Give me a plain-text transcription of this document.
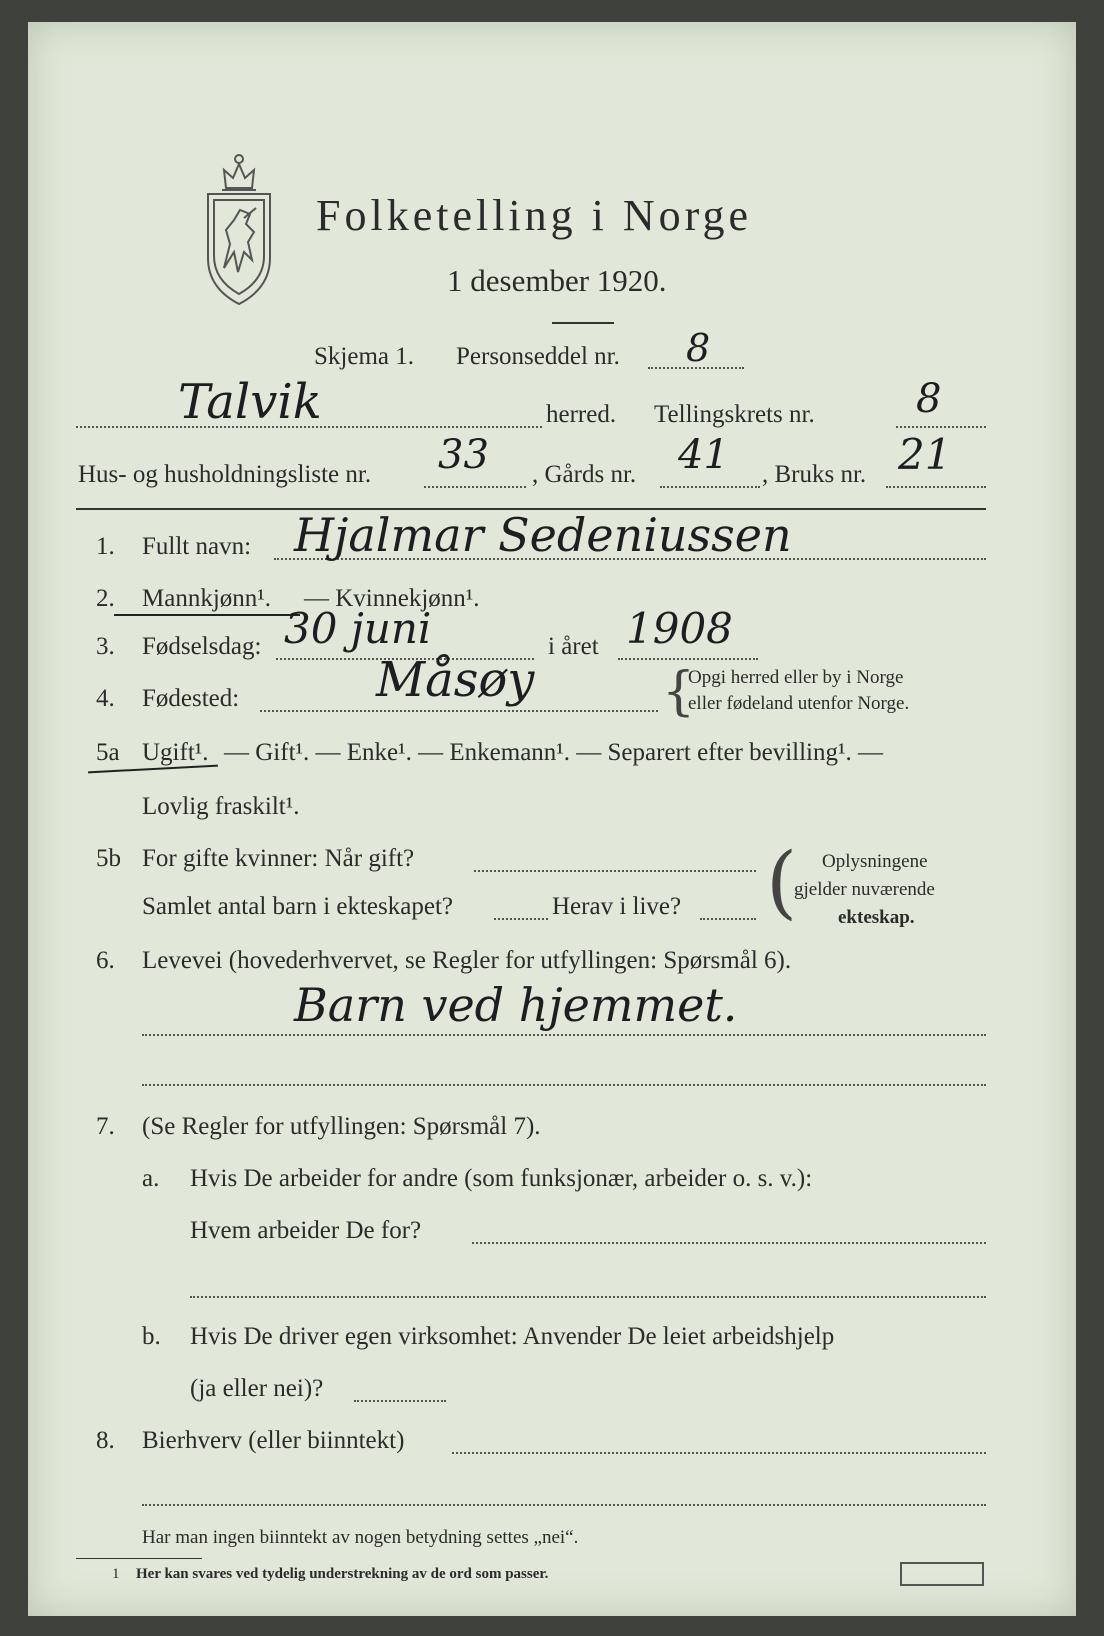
Folketelling i Norge
1 desember 1920.
Skjema 1. Personseddel nr. 8
Talvik	herred. Tellingskrets nr.	8
Hus- og husholdningsliste nr. 33 , Gårds nr. 41 , Bruks nr. 21
1. Fullt navn: Hjalmar Sedeniussen
2. Mannkjønn¹. — Kvinnekjønn¹.
3. Fødselsdag: 30 juni	i året 1908
4. Fødested:	Måsøy {
Opgi herred eller by i Norge
eller fødeland utenfor Norge.
5a Ugift¹. — Gift¹. — Enke¹. — Enkemann¹. — Separert efter bevilling¹. —
Lovlig fraskilt¹.
5b For gifte kvinner: Når gift?
Samlet antal barn i ekteskapet?	Herav i live? ( Oplysningene
gjelder nuværende
ekteskap.
6. Levevei (hovederhvervet, se Regler for utfyllingen: Spørsmål 6).
Barn ved hjemmet.
7. (Se Regler for utfyllingen: Spørsmål 7).
a. Hvis De arbeider for andre (som funksjonær, arbeider o. s. v.):
Hvem arbeider De for?
b. Hvis De driver egen virksomhet: Anvender De leiet arbeidshjelp
(ja eller nei)?
8. Bierhverv (eller biinntekt)
Har man ingen biinntekt av nogen betydning settes „nei“.
1 Her kan svares ved tydelig understrekning av de ord som passer.
